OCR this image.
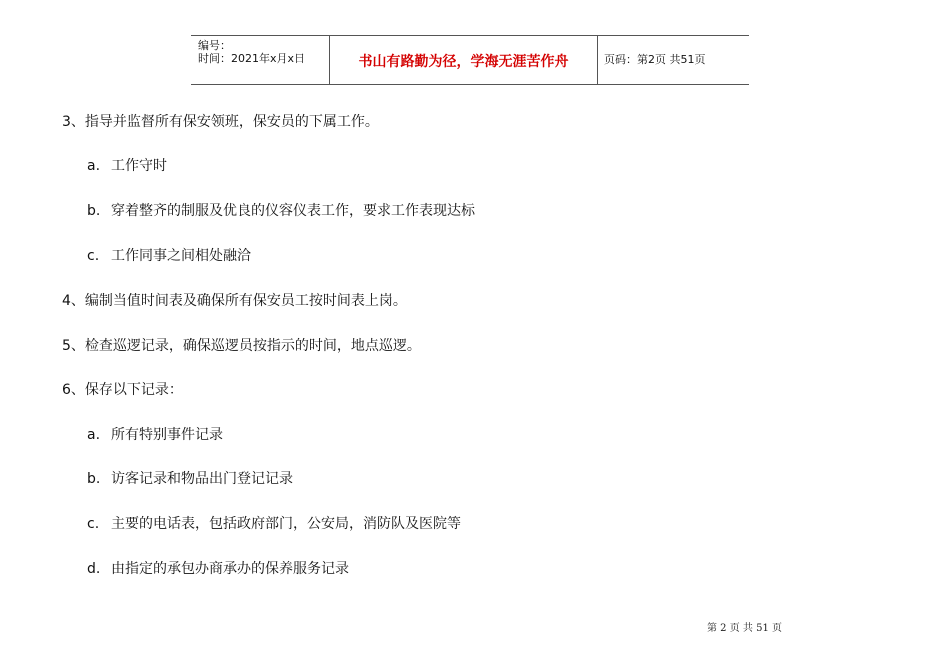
编号：
时间：2021年x月x日	书山有路勤为径，学海无涯苦作舟	页码：第2页 共51页
3、指导并监督所有保安领班，保安员的下属工作。
a. 工作守时
b. 穿着整齐的制服及优良的仪容仪表工作，要求工作表现达标
c. 工作同事之间相处融洽
4、编制当值时间表及确保所有保安员工按时间表上岗。
5、检查巡逻记录，确保巡逻员按指示的时间，地点巡逻。
6、保存以下记录：
a. 所有特别事件记录
b. 访客记录和物品出门登记记录
c. 主要的电话表，包括政府部门，公安局，消防队及医院等
d. 由指定的承包办商承办的保养服务记录
第 2 页 共 51 页
